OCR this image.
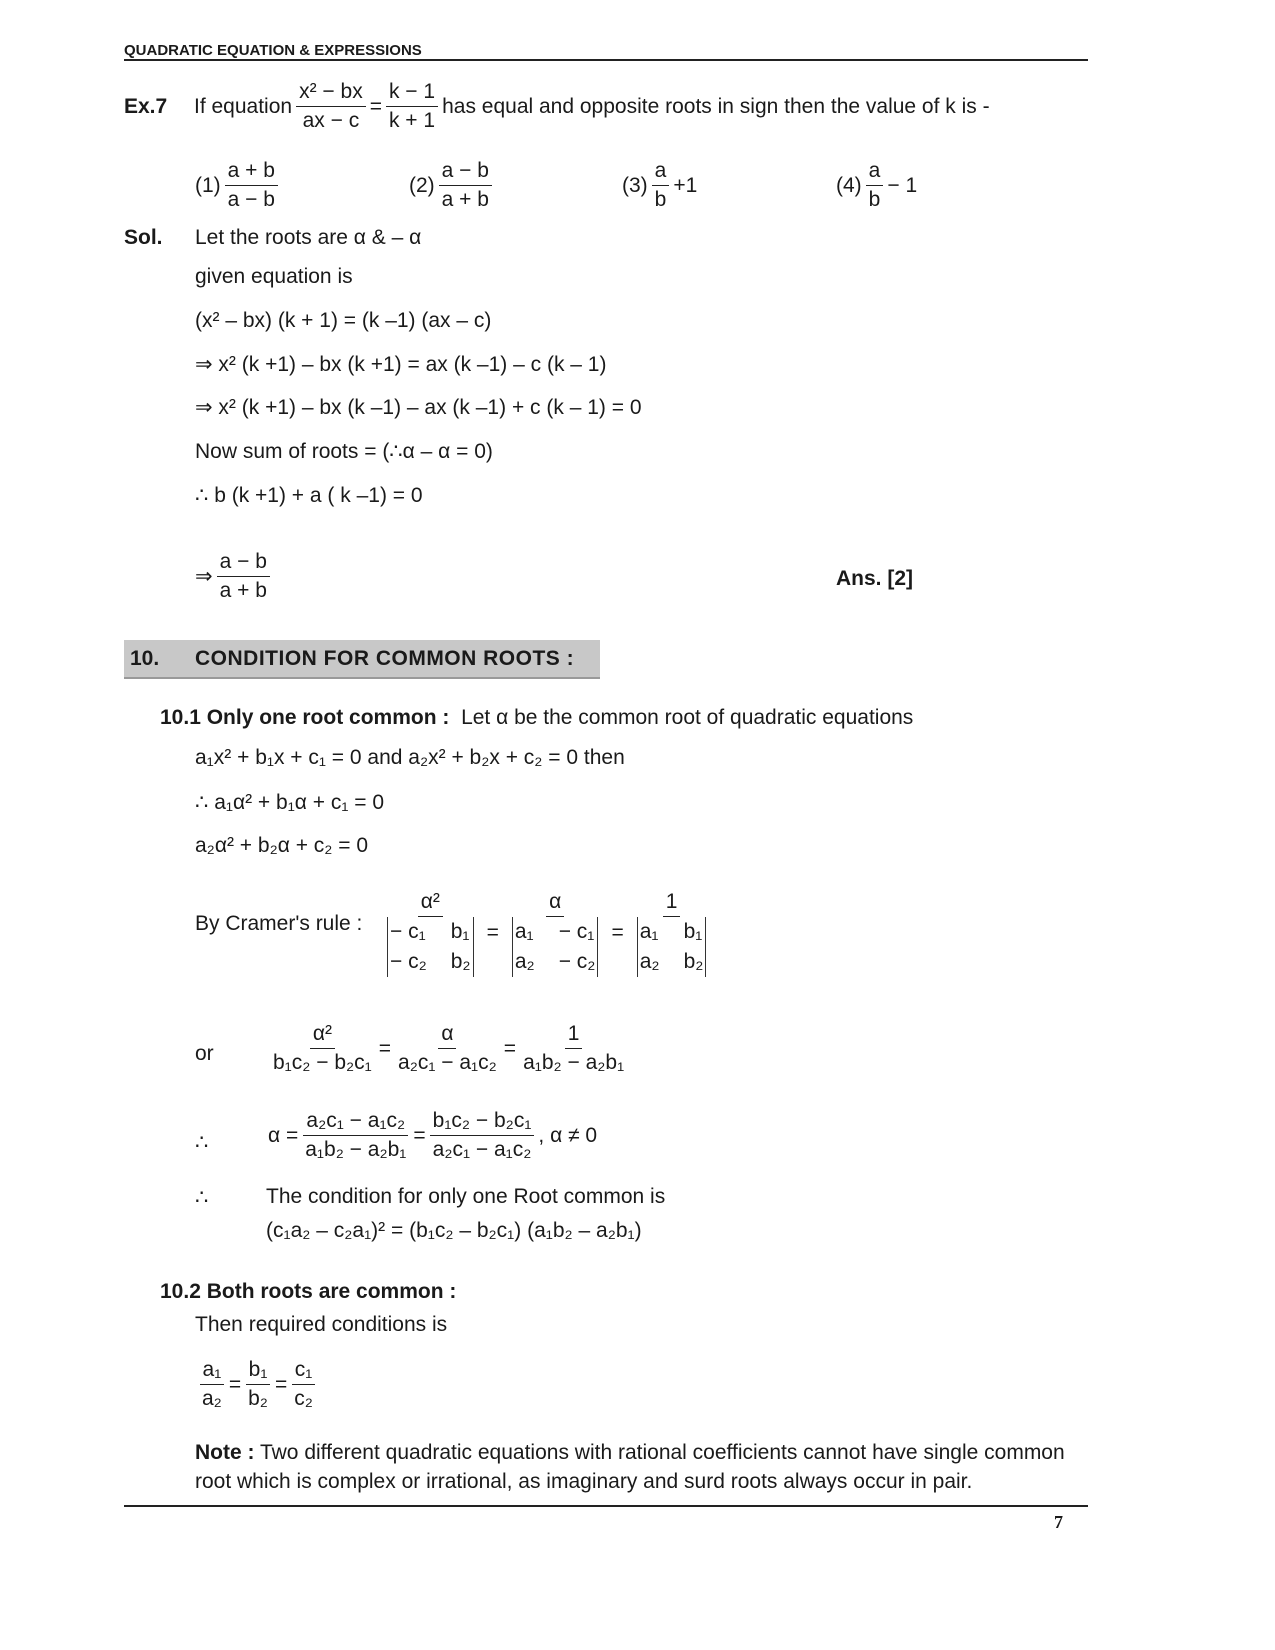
QUADRATIC EQUATION & EXPRESSIONS
Ex.7	If equation $\frac{\text{x² − bx}}{ax - c} = \frac{k - 1}{k + 1}$ has equal and opposite roots in sign then the value of k is -
$(1) \frac{a + b}{a - b}$	$(2) \frac{a - b}{a + b}$	$(3) \frac{a}{b} +1$	$(4) \frac{a}{b} - 1$
Sol. Let the roots are α & – α
given equation is
(x² – bx) (k + 1) = (k –1) (ax – c)
⇒ x² (k +1) – bx (k +1) = ax (k –1) – c (k – 1)
⇒ x² (k +1) – bx (k –1) – ax (k –1) + c (k – 1) = 0
Now sum of roots = (∴α – α = 0)
∴ b (k +1) + a ( k –1) = 0
⇒ $\frac{a - b}{a + b}$	Ans. [2]
10.	CONDITION FOR COMMON ROOTS :
10.1 Only one root common : Let α be the common root of quadratic equations
a₁x² + b₁x + c₁ = 0 and a₂x² + b₂x + c₂ = 0 then
∴ a₁α² + b₁α + c₁ = 0
a₂α² + b₂α + c₂ = 0
By Cramer's rule : α²
− c₁ b₁
− c₂ b₂ = α
a₁ − c₁
a₂ − c₂ = 1
a₁ b₁
a₂ b₂
or	$\frac{\text{α²}}{\text{b₁c₂ − b₂c₁}} = \frac{\alpha}{\text{a₂c₁ − a₁c₂}} = \frac{1}{\text{a₁b₂ − a₂b₁}}$
∴	$\alpha = \frac{\text{a₂c₁ − a₁c₂}}{\text{a₁b₂ − a₂b₁}} = \frac{\text{b₁c₂ − b₂c₁}}{\text{a₂c₁ − a₁c₂}}$ , α ≠ 0
∴	The condition for only one Root common is
(c₁a₂ – c₂a₁)² = (b₁c₂ – b₂c₁) (a₁b₂ – a₂b₁)
10.2 Both roots are common :
Then required conditions is
$\frac{\text{a₁}}{\text{a₂}} = \frac{\text{b₁}}{\text{b₂}} = \frac{\text{c₁}}{\text{c₂}}$
Note : Two different quadratic equations with rational coefficients cannot have single common
root which is complex or irrational, as imaginary and surd roots always occur in pair.
7
